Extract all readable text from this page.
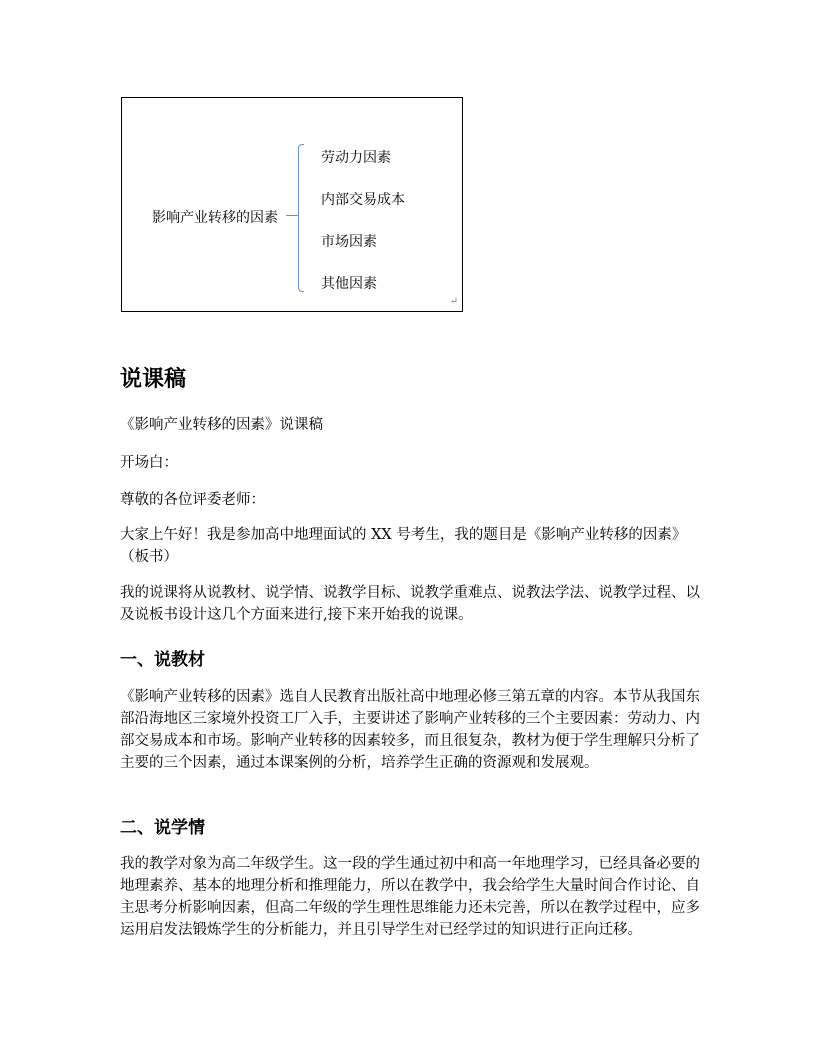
影响产业转移的因素
劳动力因素
内部交易成本
市场因素
其他因素
↵
说课稿

《影响产业转移的因素》说课稿

开场白：

尊敬的各位评委老师：

大家上午好！我是参加高中地理面试的 XX 号考生，我的题目是《影响产业转移的因素》（板书）

我的说课将从说教材、说学情、说教学目标、说教学重难点、说教法学法、说教学过程、以及说板书设计这几个方面来进行,接下来开始我的说课。

一、说教材

《影响产业转移的因素》选自人民教育出版社高中地理必修三第五章的内容。本节从我国东部沿海地区三家境外投资工厂入手，主要讲述了影响产业转移的三个主要因素：劳动力、内部交易成本和市场。影响产业转移的因素较多，而且很复杂，教材为便于学生理解只分析了主要的三个因素，通过本课案例的分析，培养学生正确的资源观和发展观。

二、说学情

我的教学对象为高二年级学生。这一段的学生通过初中和高一年地理学习，已经具备必要的地理素养、基本的地理分析和推理能力，所以在教学中，我会给学生大量时间合作讨论、自主思考分析影响因素，但高二年级的学生理性思维能力还未完善，所以在教学过程中，应多运用启发法锻炼学生的分析能力，并且引导学生对已经学过的知识进行正向迁移。
